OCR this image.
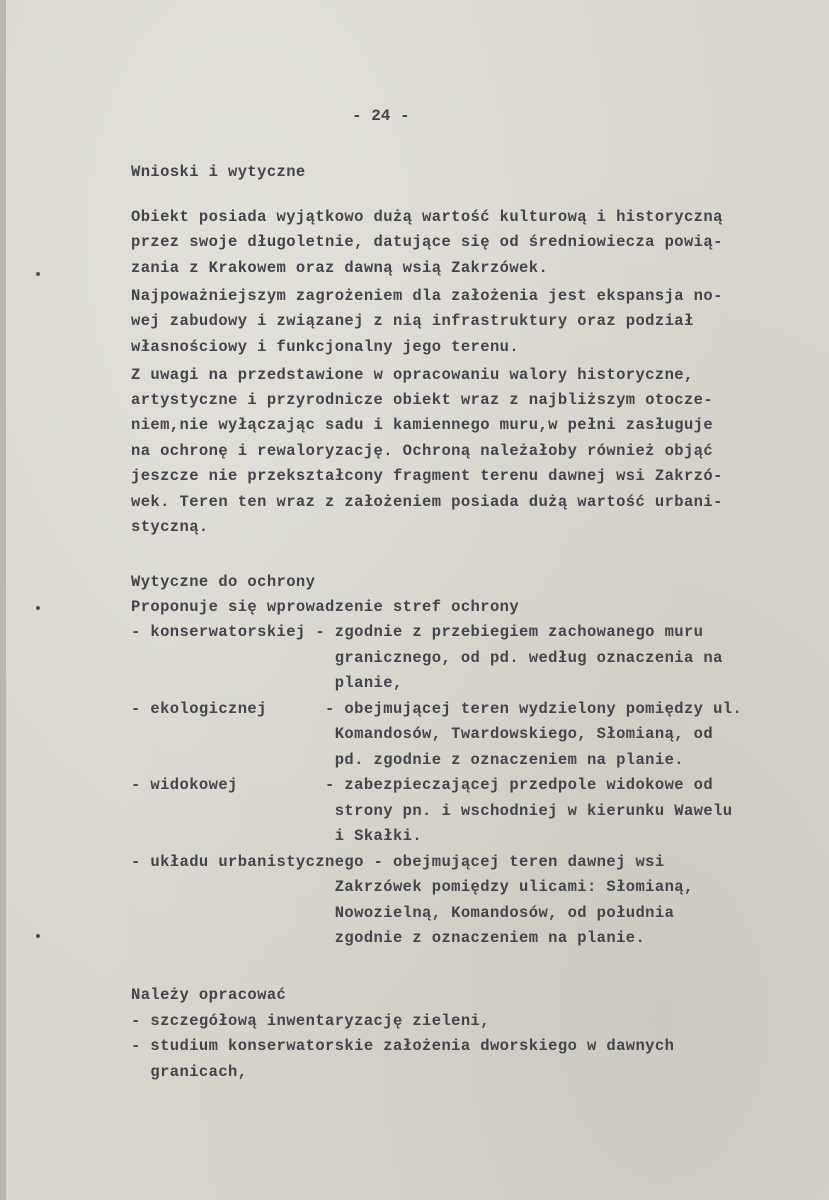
- 24 -
Wnioski i wytyczne
Obiekt posiada wyjątkowo dużą wartość kulturową i historyczną
przez swoje długoletnie, datujące się od średniowiecza powią-
zania z Krakowem oraz dawną wsią Zakrzówek.
Najpoważniejszym zagrożeniem dla założenia jest ekspansja no-
wej zabudowy i związanej z nią infrastruktury oraz podział
własnościowy i funkcjonalny jego terenu.
Z uwagi na przedstawione w opracowaniu walory historyczne,
artystyczne i przyrodnicze obiekt wraz z najbliższym otocze-
niem,nie wyłączając sadu i kamiennego muru,w pełni zasługuje
na ochronę i rewaloryzację. Ochroną należałoby również objąć
jeszcze nie przekształcony fragment terenu dawnej wsi Zakrzó-
wek. Teren ten wraz z założeniem posiada dużą wartość urbani-
styczną.
Wytyczne do ochrony
Proponuje się wprowadzenie stref ochrony
- konserwatorskiej - zgodnie z przebiegiem zachowanego muru
granicznego, od pd. według oznaczenia na
planie,
- ekologicznej      - obejmującej teren wydzielony pomiędzy ul.
Komandosów, Twardowskiego, Słomianą, od
pd. zgodnie z oznaczeniem na planie.
- widokowej         - zabezpieczającej przedpole widokowe od
strony pn. i wschodniej w kierunku Wawelu
i Skałki.
- układu urbanistycznego - obejmującej teren dawnej wsi
Zakrzówek pomiędzy ulicami: Słomianą,
Nowozielną, Komandosów, od południa
zgodnie z oznaczeniem na planie.
Należy opracować
- szczegółową inwentaryzację zieleni,
- studium konserwatorskie założenia dworskiego w dawnych
granicach,
